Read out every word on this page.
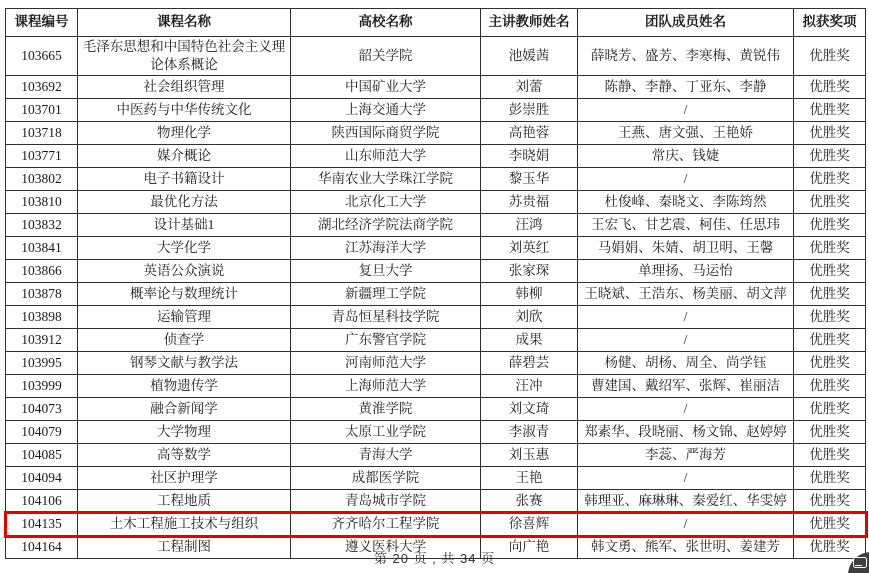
课程编号	课程名称	高校名称	主讲教师姓名	团队成员姓名	拟获奖项
103665	毛泽东思想和中国特色社会主义理论体系概论	韶关学院	池媛茜	薛晓芳、盛芳、李寒梅、黄锐伟	优胜奖
103692	社会组织管理	中国矿业大学	刘蕾	陈静、李静、丁亚东、李静	优胜奖
103701	中医药与中华传统文化	上海交通大学	彭崇胜	/	优胜奖
103718	物理化学	陕西国际商贸学院	高艳蓉	王燕、唐文强、王艳娇	优胜奖
103771	媒介概论	山东师范大学	李晓娟	常庆、钱婕	优胜奖
103802	电子书籍设计	华南农业大学珠江学院	黎玉华	/	优胜奖
103810	最优化方法	北京化工大学	苏贵福	杜俊峰、秦晓文、李陈筠然	优胜奖
103832	设计基础1	湖北经济学院法商学院	汪鸿	王宏飞、甘艺震、柯佳、任思玮	优胜奖
103841	大学化学	江苏海洋大学	刘英红	马娟娟、朱婧、胡卫明、王馨	优胜奖
103866	英语公众演说	复旦大学	张家琛	单理扬、马运怡	优胜奖
103878	概率论与数理统计	新疆理工学院	韩柳	王晓斌、王浩东、杨美丽、胡文萍	优胜奖
103898	运输管理	青岛恒星科技学院	刘欣	/	优胜奖
103912	侦查学	广东警官学院	成果	/	优胜奖
103995	钢琴文献与教学法	河南师范大学	薛碧芸	杨健、胡杨、周全、尚学钰	优胜奖
103999	植物遗传学	上海师范大学	汪冲	曹建国、戴绍军、张辉、崔丽洁	优胜奖
104073	融合新闻学	黄淮学院	刘文琦	/	优胜奖
104079	大学物理	太原工业学院	李淑青	郑素华、段晓丽、杨文锦、赵婷婷	优胜奖
104085	高等数学	青海大学	刘玉惠	李蕊、严海芳	优胜奖
104094	社区护理学	成都医学院	王艳	/	优胜奖
104106	工程地质	青岛城市学院	张赛	韩理亚、麻琳琳、秦爱红、华雯婷	优胜奖
104135	土木工程施工技术与组织	齐齐哈尔工程学院	徐喜辉	/	优胜奖
104164	工程制图	遵义医科大学	向广艳	韩文勇、熊军、张世明、姜建芳	优胜奖
第 20 页 , 共 34 页
